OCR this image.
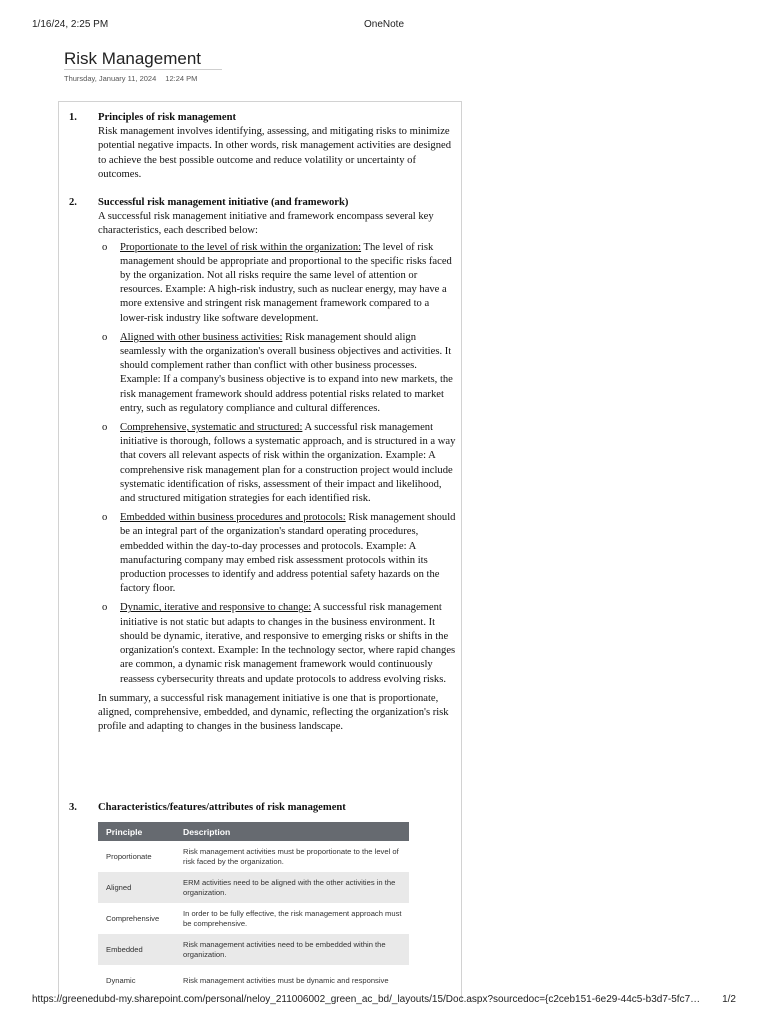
1/16/24, 2:25 PM	OneNote
Risk Management
Thursday, January 11, 2024 12:24 PM
1. Principles of risk management
Risk management involves identifying, assessing, and mitigating risks to minimize potential negative impacts. In other words, risk management activities are designed to achieve the best possible outcome and reduce volatility or uncertainty of outcomes.
2. Successful risk management initiative (and framework)
A successful risk management initiative and framework encompass several key characteristics, each described below:
o Proportionate to the level of risk within the organization: The level of risk management should be appropriate and proportional to the specific risks faced by the organization. Not all risks require the same level of attention or resources. Example: A high-risk industry, such as nuclear energy, may have a more extensive and stringent risk management framework compared to a lower-risk industry like software development.
o Aligned with other business activities: Risk management should align seamlessly with the organization's overall business objectives and activities. It should complement rather than conflict with other business processes. Example: If a company's business objective is to expand into new markets, the risk management framework should address potential risks related to market entry, such as regulatory compliance and cultural differences.
o Comprehensive, systematic and structured: A successful risk management initiative is thorough, follows a systematic approach, and is structured in a way that covers all relevant aspects of risk within the organization. Example: A comprehensive risk management plan for a construction project would include systematic identification of risks, assessment of their impact and likelihood, and structured mitigation strategies for each identified risk.
o Embedded within business procedures and protocols: Risk management should be an integral part of the organization's standard operating procedures, embedded within the day-to-day processes and protocols. Example: A manufacturing company may embed risk assessment protocols within its production processes to identify and address potential safety hazards on the factory floor.
o Dynamic, iterative and responsive to change: A successful risk management initiative is not static but adapts to changes in the business environment. It should be dynamic, iterative, and responsive to emerging risks or shifts in the organization's context. Example: In the technology sector, where rapid changes are common, a dynamic risk management framework would continuously reassess cybersecurity threats and update protocols to address evolving risks.
In summary, a successful risk management initiative is one that is proportionate, aligned, comprehensive, embedded, and dynamic, reflecting the organization's risk profile and adapting to changes in the business landscape.
3. Characteristics/features/attributes of risk management
Principle	Description
Proportionate	Risk management activities must be proportionate to the level of risk faced by the organization.
Aligned	ERM activities need to be aligned with the other activities in the organization.
Comprehensive	In order to be fully effective, the risk management approach must be comprehensive.
Embedded	Risk management activities need to be embedded within the organization.
Dynamic	Risk management activities must be dynamic and responsive
https://greenedubd-my.sharepoint.com/personal/neloy_211006002_green_ac_bd/_layouts/15/Doc.aspx?sourcedoc={c2ceb151-6e29-44c5-b3d7-5fc7…	1/2
